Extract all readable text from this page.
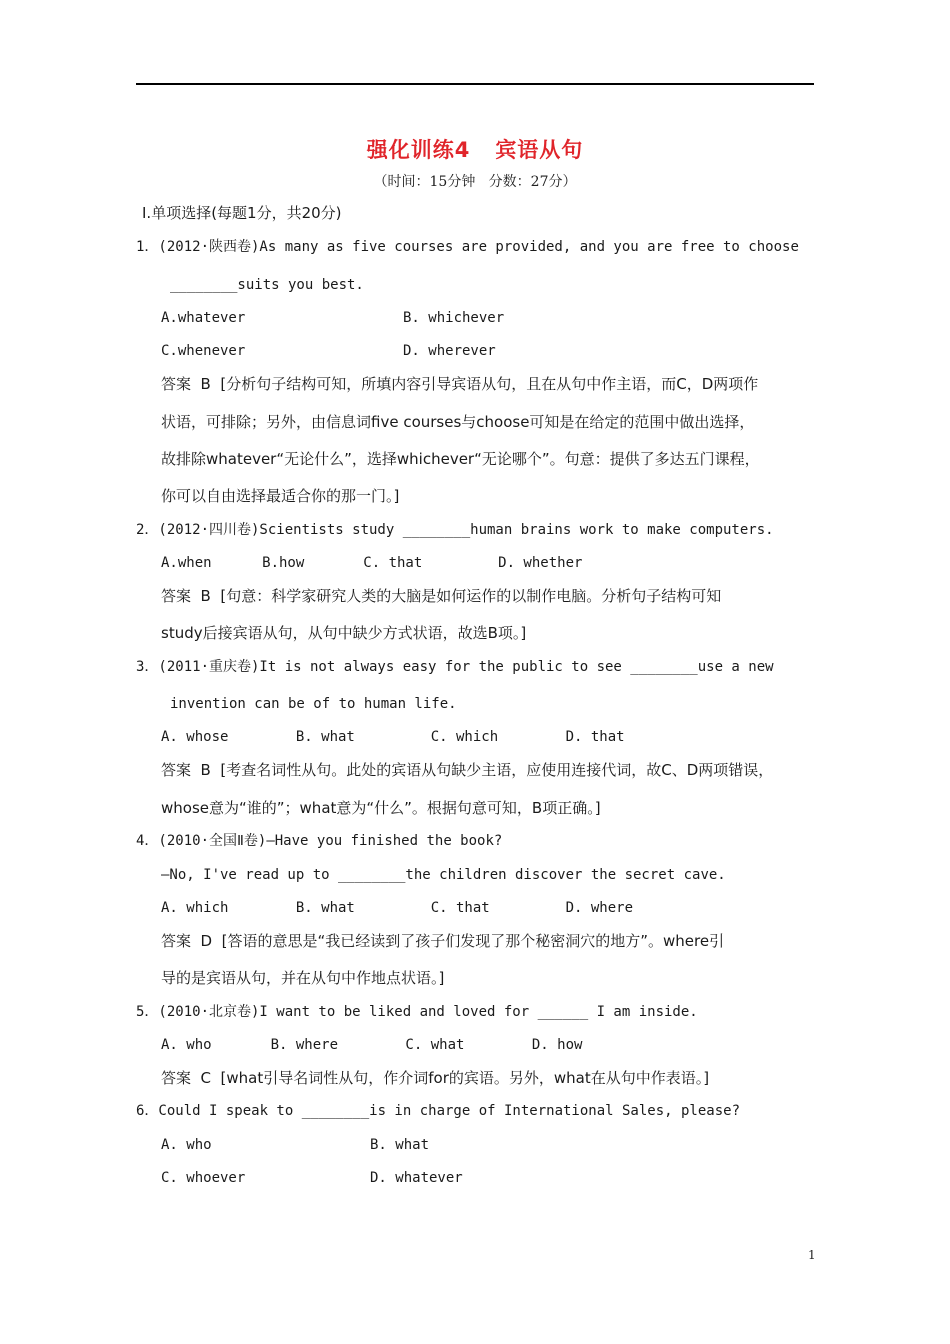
强化训练4   宾语从句
（时间：15分钟   分数：27分）
Ⅰ.单项选择(每题1分，共20分)
1．(2012·陕西卷)As many as five courses are provided, and you are free to choose
________suits you best.
A.whatever	B. whichever
C.whenever	D. wherever
答案  B  [分析句子结构可知，所填内容引导宾语从句，且在从句中作主语，而C，D两项作
状语，可排除；另外，由信息词five courses与choose可知是在给定的范围中做出选择，
故排除whatever“无论什么”，选择whichever“无论哪个”。句意：提供了多达五门课程，
你可以自由选择最适合你的那一门。]
2．(2012·四川卷)Scientists study ________human brains work to make computers.
A.when      B.how       C. that         D. whether
答案  B  [句意：科学家研究人类的大脑是如何运作的以制作电脑。分析句子结构可知
study后接宾语从句，从句中缺少方式状语，故选B项。]
3．(2011·重庆卷)It is not always easy for the public to see ________use a new
invention can be of to human life.
A. whose        B. what         C. which        D. that
答案  B  [考查名词性从句。此处的宾语从句缺少主语，应使用连接代词，故C、D两项错误，
whose意为“谁的”；what意为“什么”。根据句意可知，B项正确。]
4．(2010·全国Ⅱ卷)—Have you finished the book?
—No, I've read up to ________the children discover the secret cave.
A. which        B. what         C. that         D. where
答案  D  [答语的意思是“我已经读到了孩子们发现了那个秘密洞穴的地方”。where引
导的是宾语从句，并在从句中作地点状语。]
5．(2010·北京卷)I want to be liked and loved for ______ I am inside.
A. who       B. where        C. what        D. how
答案  C  [what引导名词性从句，作介词for的宾语。另外，what在从句中作表语。]
6．Could I speak to ________is in charge of International Sales, please?
A. who	B. what
C. whoever	D. whatever
1
